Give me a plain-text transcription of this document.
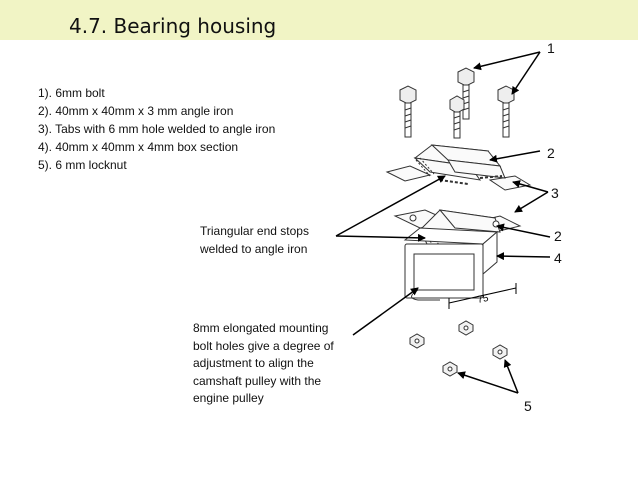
4.7. Bearing housing
1). 6mm bolt
2). 40mm x 40mm x 3 mm angle iron
3). Tabs with 6 mm hole welded to angle iron
4). 40mm x 40mm x 4mm box section
5). 6 mm locknut
Triangular end stops
welded to angle iron
8mm elongated mounting
bolt holes give a degree of
adjustment to align the
camshaft pulley with the
engine pulley
1
2
3
2
4
5
75
